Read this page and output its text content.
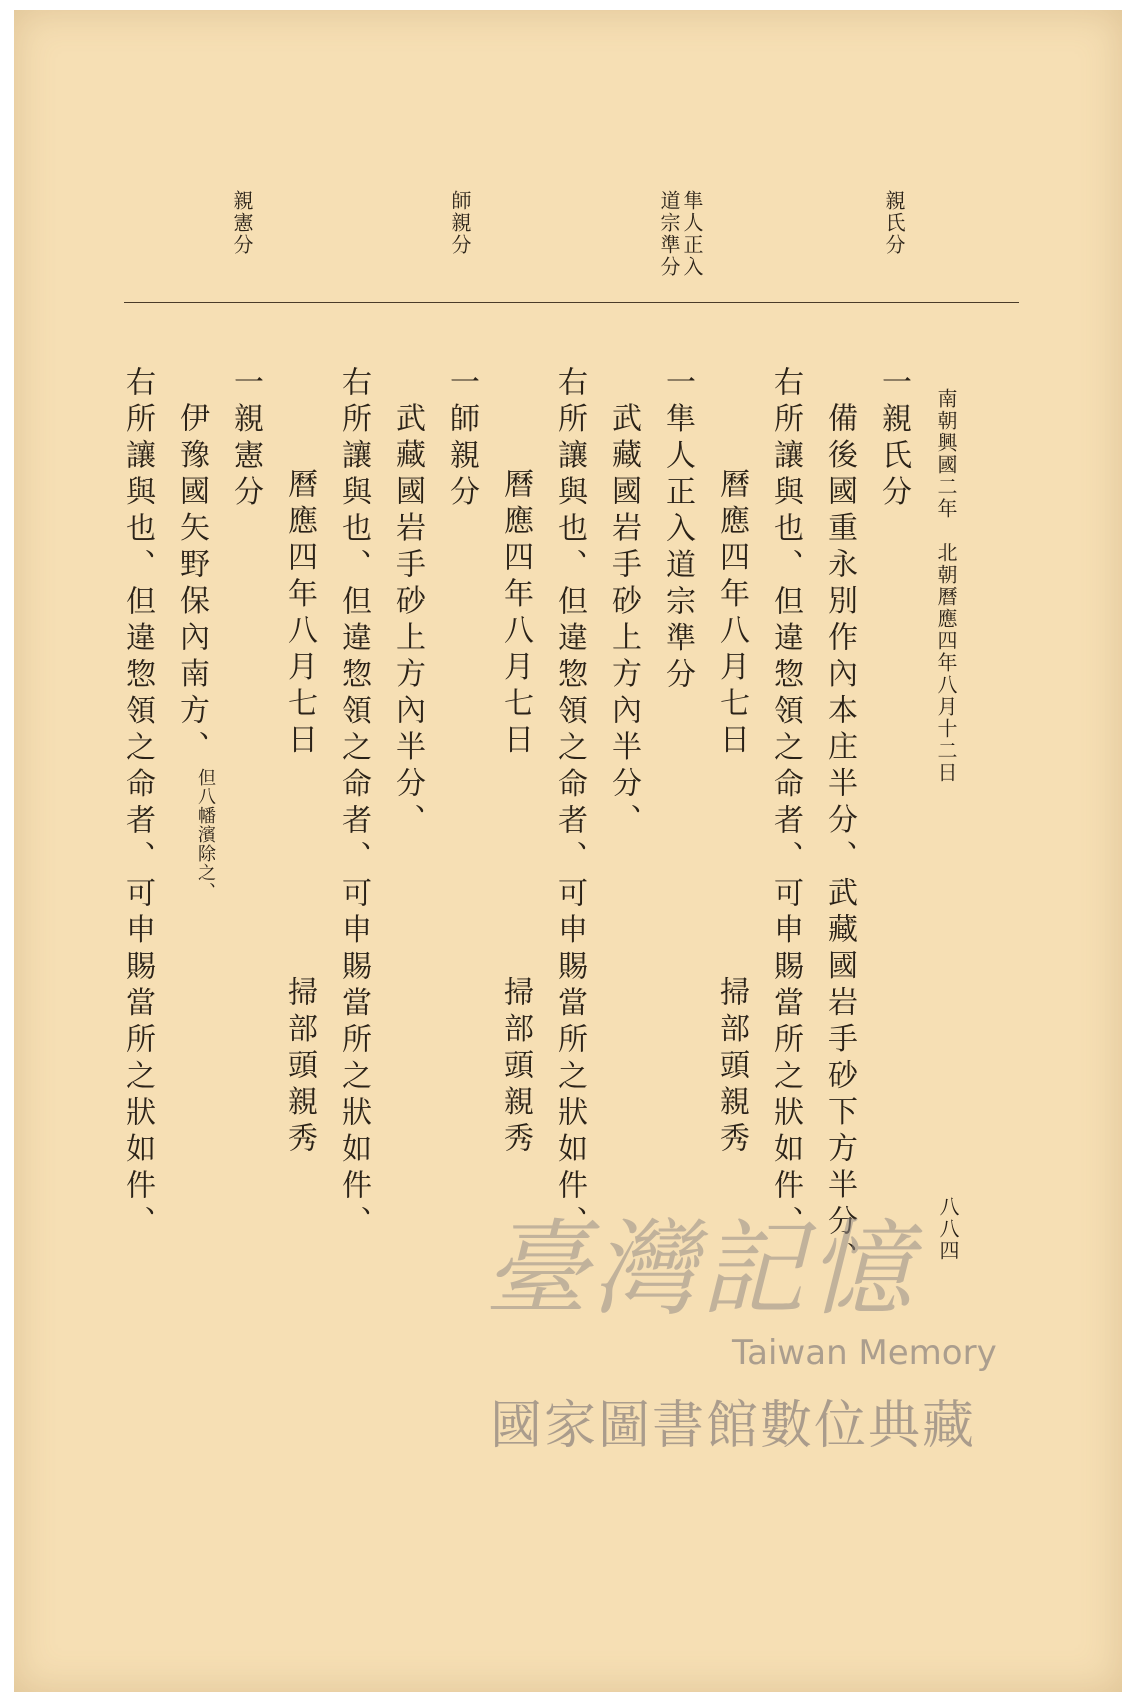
南朝興國二年　北朝曆應四年八月十二日
親氏分
隼人正入
道宗準分
師親分
親憲分
一親氏分
備後國重永別作內本庄半分、武藏國岩手砂下方半分、
右所讓與也、但違惣領之命者、可申賜當所之狀如件、
曆應四年八月七日
掃部頭親秀
一隼人正入道宗準分
武藏國岩手砂上方內半分、
右所讓與也、但違惣領之命者、可申賜當所之狀如件、
曆應四年八月七日
掃部頭親秀
一師親分
武藏國岩手砂上方內半分、
右所讓與也、但違惣領之命者、可申賜當所之狀如件、
曆應四年八月七日
掃部頭親秀
一親憲分
伊豫國矢野保內南方、
但八幡濱除之、
右所讓與也、但違惣領之命者、可申賜當所之狀如件、	八八四
臺灣記憶
Taiwan Memory
國家圖書館數位典藏
